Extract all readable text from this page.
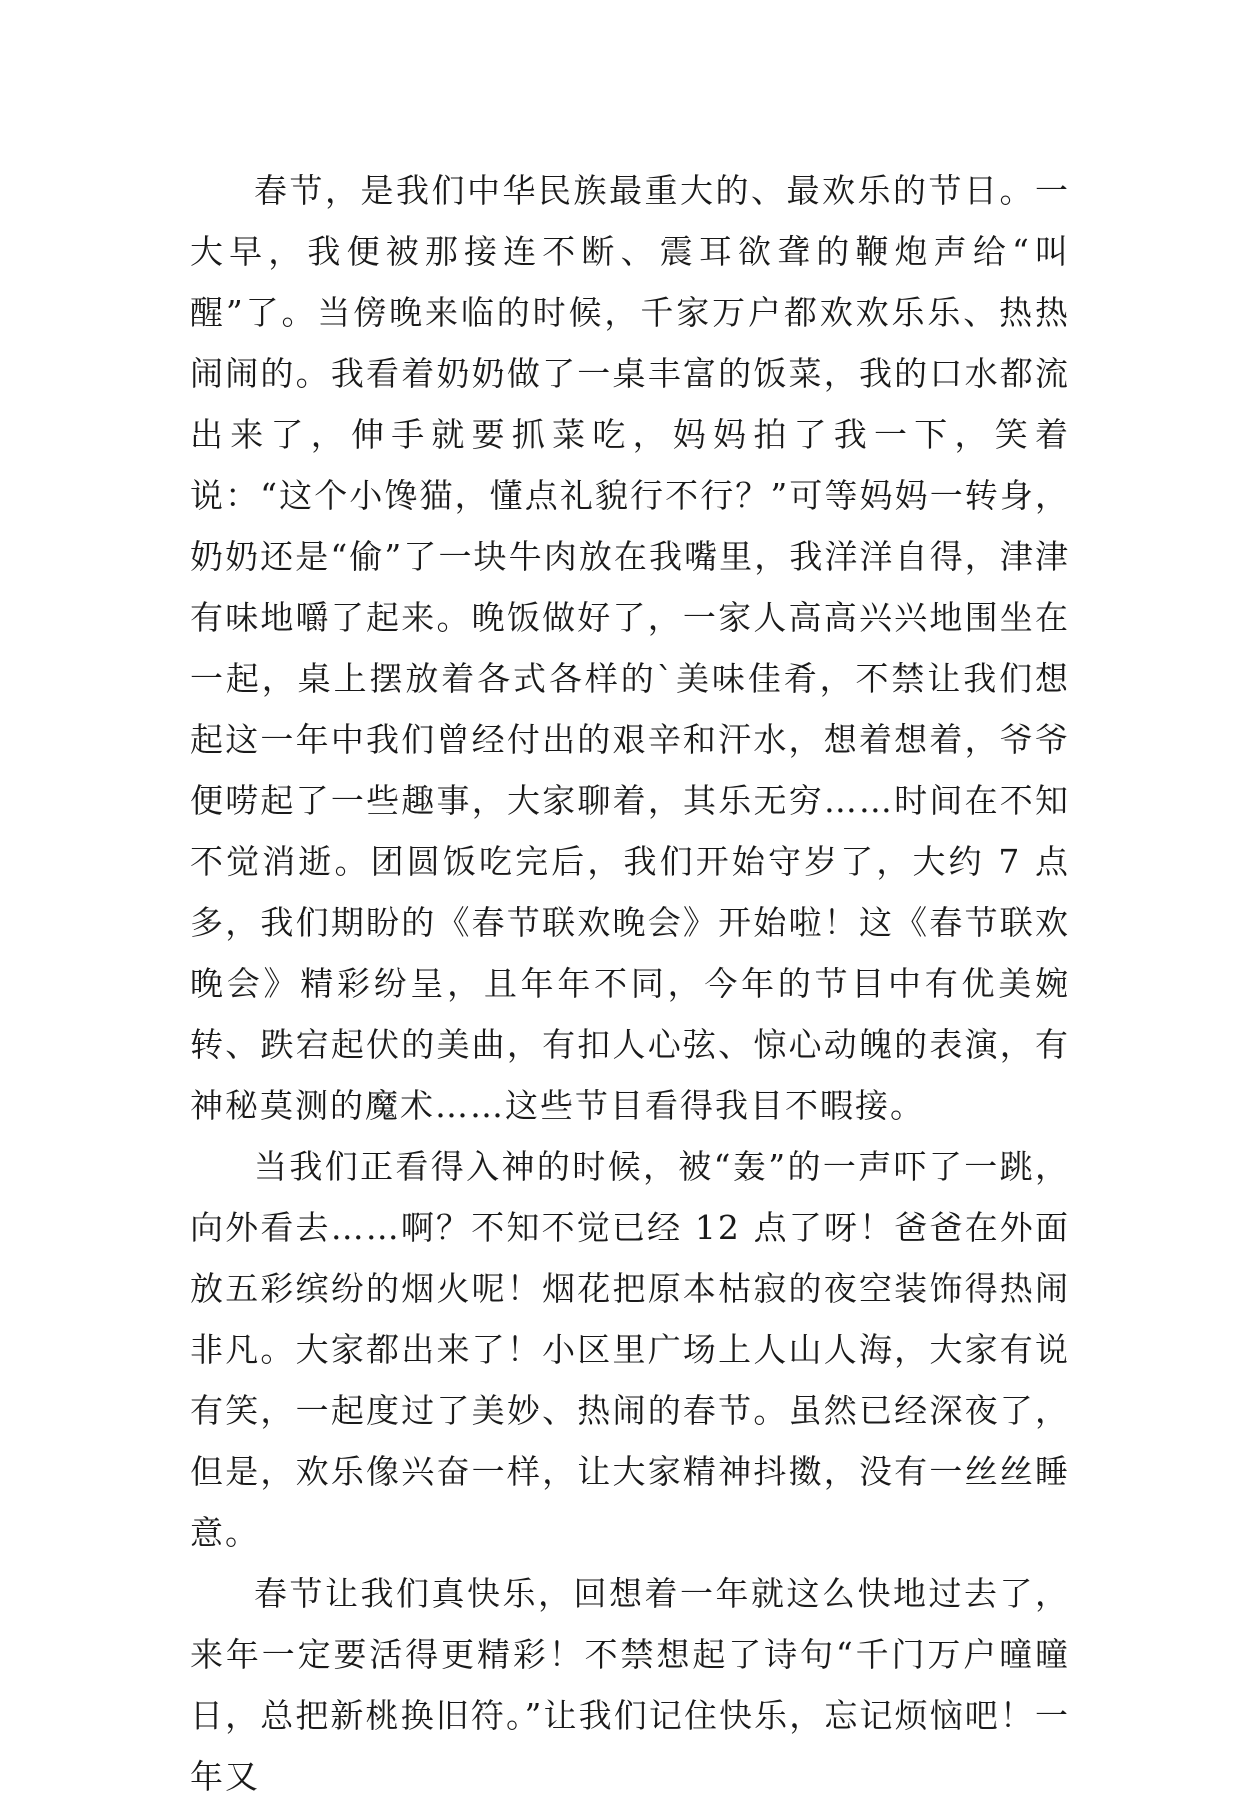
春节，是我们中华民族最重大的、最欢乐的节日。一大早，我便被那接连不断、震耳欲聋的鞭炮声给“叫醒”了。当傍晚来临的时候，千家万户都欢欢乐乐、热热闹闹的。我看着奶奶做了一桌丰富的饭菜，我的口水都流出来了，伸手就要抓菜吃，妈妈拍了我一下，笑着说：“这个小馋猫，懂点礼貌行不行？”可等妈妈一转身，奶奶还是“偷”了一块牛肉放在我嘴里，我洋洋自得，津津有味地嚼了起来。晚饭做好了，一家人高高兴兴地围坐在一起，桌上摆放着各式各样的`美味佳肴，不禁让我们想起这一年中我们曾经付出的艰辛和汗水，想着想着，爷爷便唠起了一些趣事，大家聊着，其乐无穷……时间在不知不觉消逝。团圆饭吃完后，我们开始守岁了，大约 7 点多，我们期盼的《春节联欢晚会》开始啦！这《春节联欢晚会》精彩纷呈，且年年不同，今年的节目中有优美婉转、跌宕起伏的美曲，有扣人心弦、惊心动魄的表演，有神秘莫测的魔术……这些节目看得我目不暇接。

当我们正看得入神的时候，被“轰”的一声吓了一跳，向外看去……啊？不知不觉已经 12 点了呀！爸爸在外面放五彩缤纷的烟火呢！烟花把原本枯寂的夜空装饰得热闹非凡。大家都出来了！小区里广场上人山人海，大家有说有笑，一起度过了美妙、热闹的春节。虽然已经深夜了，但是，欢乐像兴奋一样，让大家精神抖擞，没有一丝丝睡意。

春节让我们真快乐，回想着一年就这么快地过去了，来年一定要活得更精彩！不禁想起了诗句“千门万户曈曈日，总把新桃换旧符。”让我们记住快乐，忘记烦恼吧！一年又
